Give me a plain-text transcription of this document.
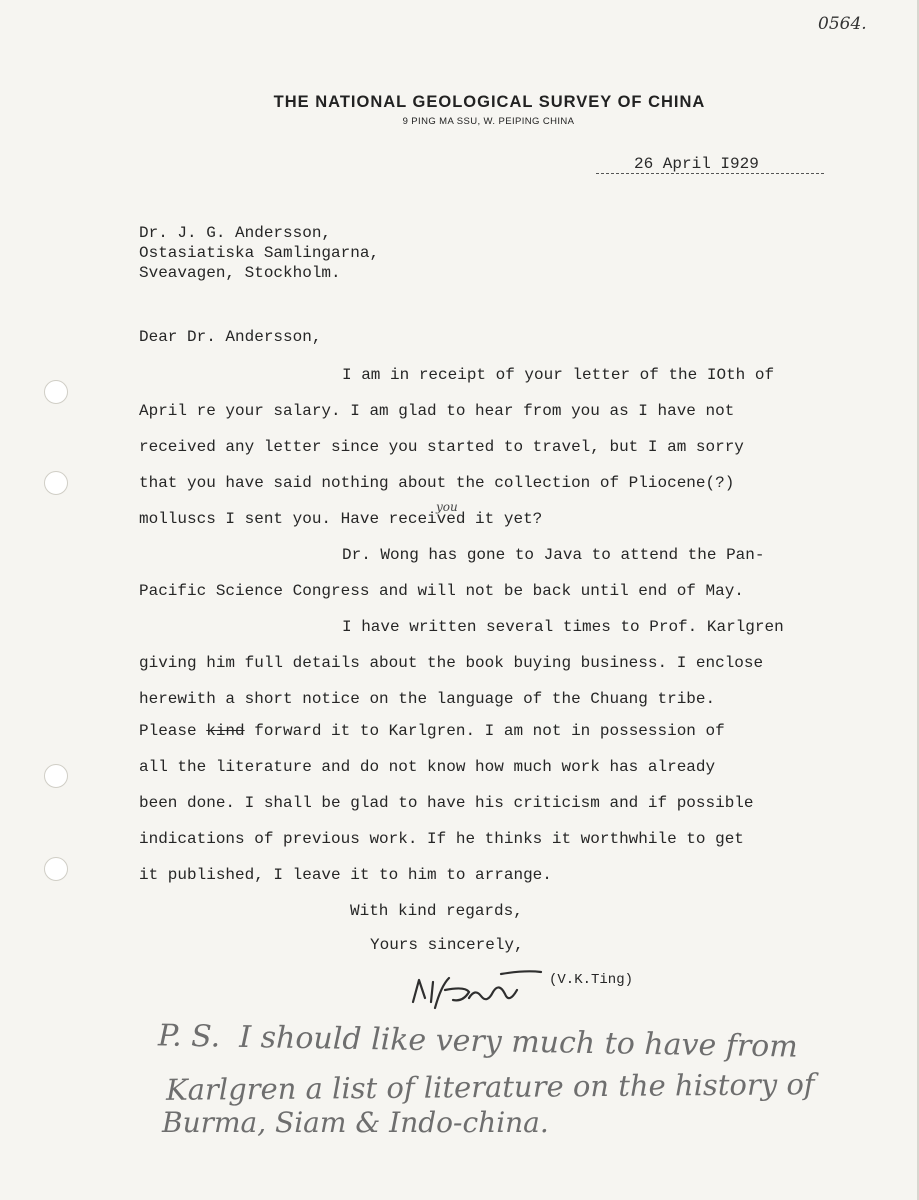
0564.
THE NATIONAL GEOLOGICAL SURVEY OF CHINA
9 PING MA SSU, W. PEIPING CHINA
26 April I929
Dr. J. G. Andersson,
Ostasiatiska Samlingarna,
Sveavagen, Stockholm.
Dear Dr. Andersson,
I am in receipt of your letter of the IOth of
April re your salary. I am glad to hear from you as I have not
received any letter since you started to travel, but I am sorry
that you have said nothing about the collection of Pliocene(?)
molluscs I sent you. Have received it yet?
you
Dr. Wong has gone to Java to attend the Pan-
Pacific Science Congress and will not be back until end of May.
I have written several times to Prof. Karlgren
giving him full details about the book buying business. I enclose
herewith a short notice on the language of the Chuang tribe.
Please kind forward it to Karlgren. I am not in possession of
all the literature and do not know how much work has already
been done. I shall be glad to have his criticism and if possible
indications of previous work. If he thinks it worthwhile to get
it published, I leave it to him to arrange.
With kind regards,
Yours sincerely,
(V.K.Ting)
P. S.  I should like very much to have from
Karlgren a list of literature on the history of
Burma, Siam & Indo-china.
